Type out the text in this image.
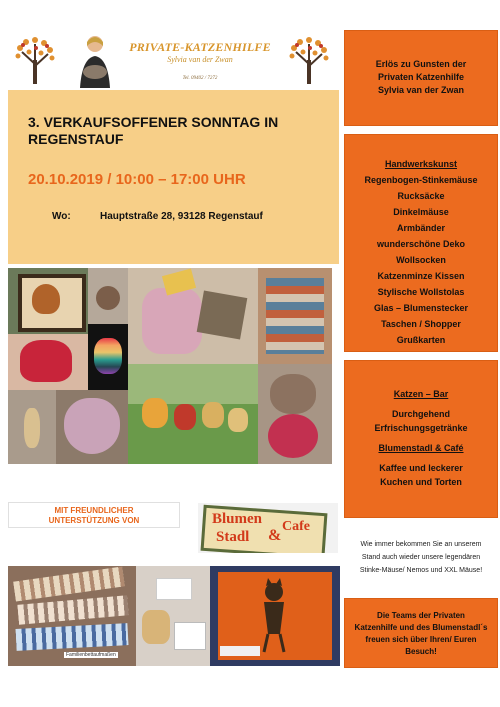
PRIVATE-KATZENHILFE
Sylvia van der Zwan
Tel. 09402 / 7272
3. VERKAUFSOFFENER SONNTAG IN
REGENSTAUF
20.10.2019 / 10:00 – 17:00 UHR
Wo:	Hauptstraße 28, 93128 Regenstauf
MIT FREUNDLICHER
UNTERSTÜTZUNG VON	Blumen
Stadl &
Cafe
Familienbettaufmaßen
Erlös zu Gunsten der
Privaten Katzenhilfe
Sylvia van der Zwan
Handwerkskunst
Regenbogen-Stinkemäuse
Rucksäcke
Dinkelmäuse
Armbänder
wunderschöne Deko
Wollsocken
Katzenminze Kissen
Stylische Wollstolas
Glas – Blumenstecker
Taschen / Shopper
Grußkarten
Katzen – Bar
Durchgehend
Erfrischungsgetränke
Blumenstadl & Café
Kaffee und leckerer
Kuchen und Torten
Wie immer bekommen Sie an unserem
Stand auch wieder unsere legendären
Stinke-Mäuse/ Nemos und XXL Mäuse!
Die Teams der Privaten
Katzenhilfe und des Blumenstadl´s
freuen sich über Ihren/ Euren
Besuch!
